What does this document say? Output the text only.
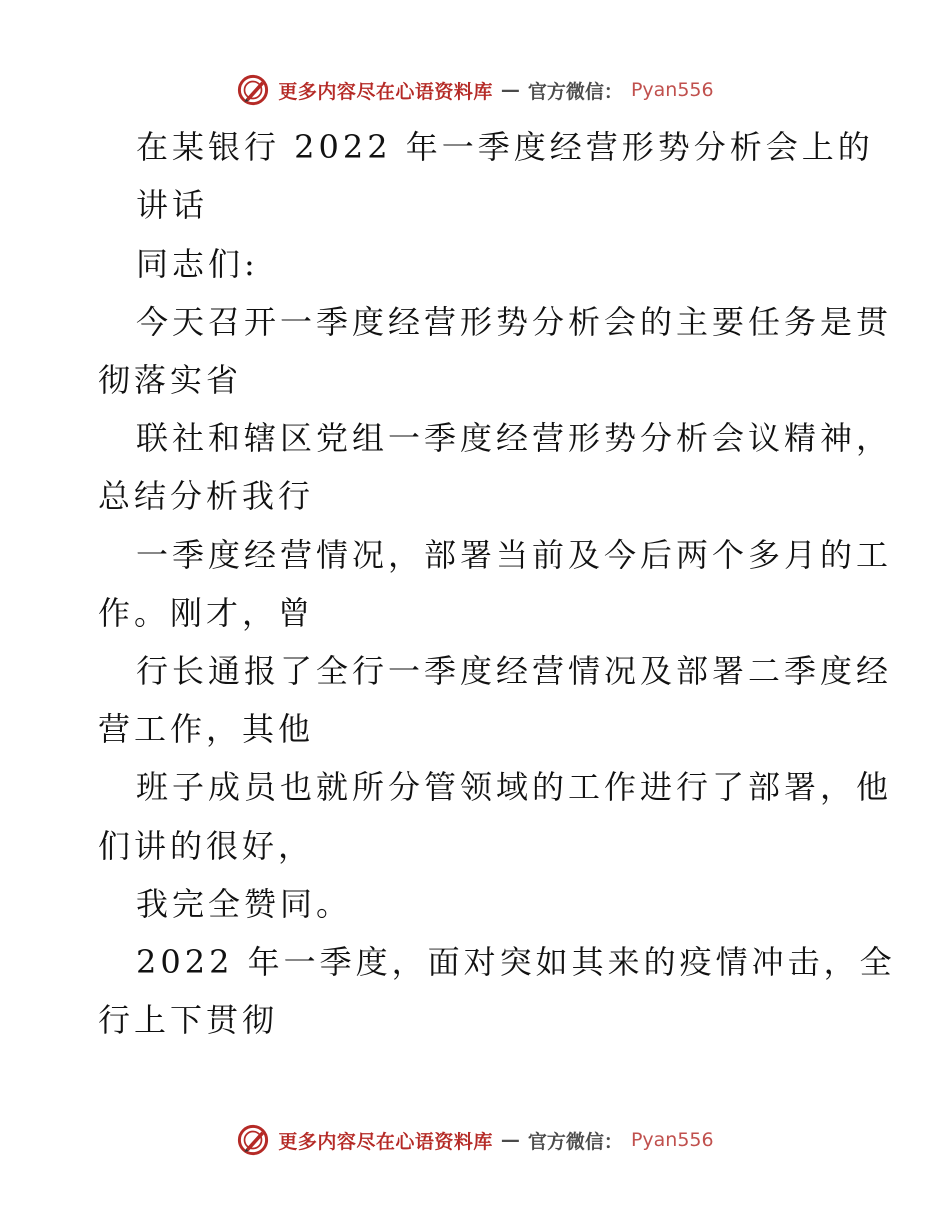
更多内容尽在心语资料库 — 官方微信： Pyan556
在某银行 2022 年一季度经营形势分析会上的
讲话
同志们:
今天召开一季度经营形势分析会的主要任务是贯
彻落实省
联社和辖区党组一季度经营形势分析会议精神，
总结分析我行
一季度经营情况，部署当前及今后两个多月的工
作。刚才，曾
行长通报了全行一季度经营情况及部署二季度经
营工作，其他
班子成员也就所分管领域的工作进行了部署，他
们讲的很好，
我完全赞同。
2022 年一季度，面对突如其来的疫情冲击，全
行上下贯彻
更多内容尽在心语资料库 — 官方微信： Pyan556
